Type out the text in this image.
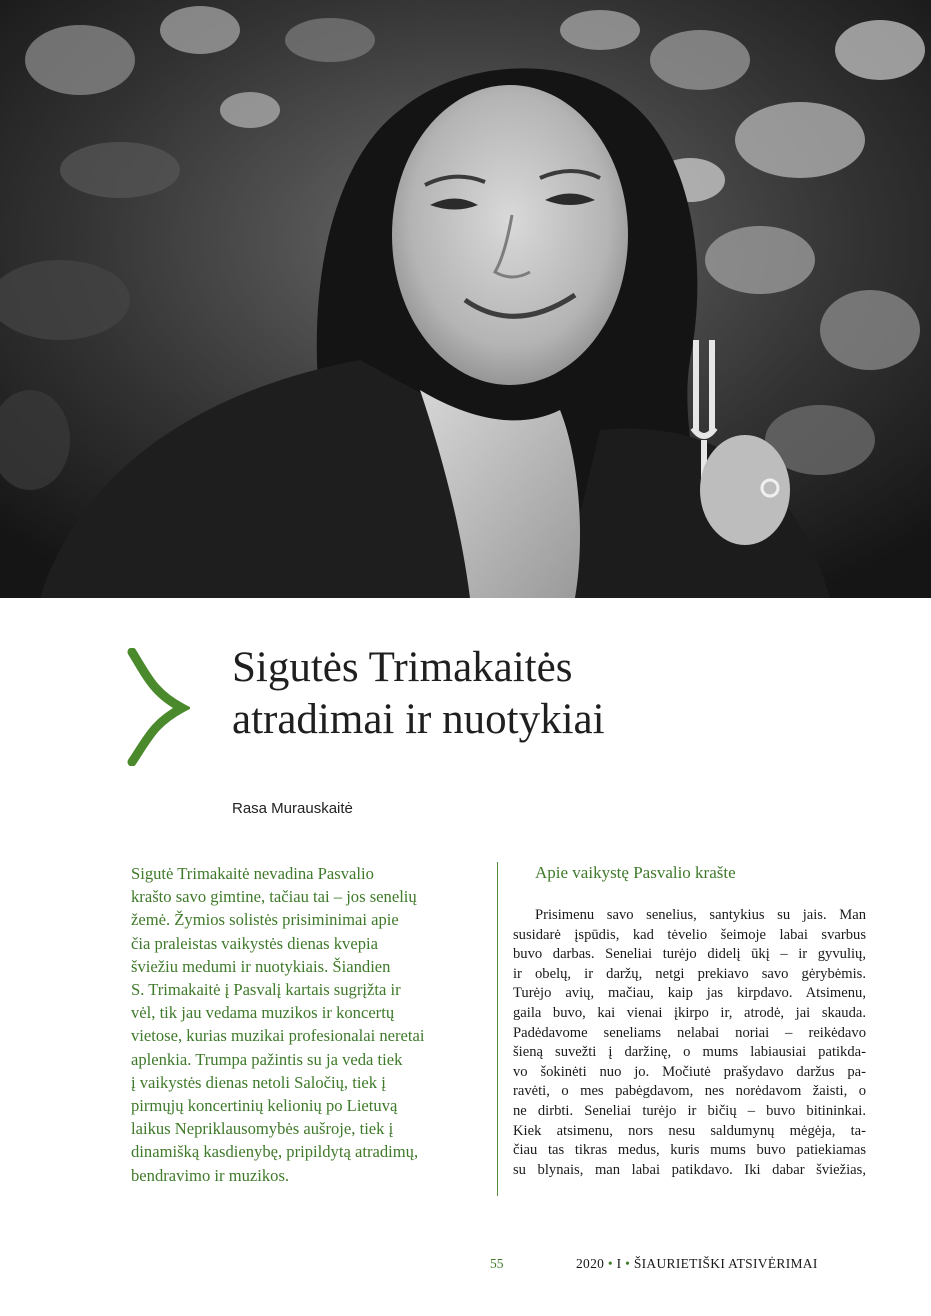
Sigutės Trimakaitės
atradimai ir nuotykiai
Rasa Murauskaitė

Sigutė Trimakaitė nevadina Pasvalio
krašto savo gimtine, tačiau tai – jos senelių
žemė. Žymios solistės prisiminimai apie
čia praleistas vaikystės dienas kvepia
šviežiu medumi ir nuotykiais. Šiandien
S. Trimakaitė į Pasvalį kartais sugrįžta ir
vėl, tik jau vedama muzikos ir koncertų
vietose, kurias muzikai profesionalai neretai
aplenkia. Trumpa pažintis su ja veda tiek
į vaikystės dienas netoli Saločių, tiek į
pirmųjų koncertinių kelionių po Lietuvą
laikus Nepriklausomybės aušroje, tiek į
dinamišką kasdienybę, pripildytą atradimų,
bendravimo ir muzikos.

Apie vaikystę Pasvalio krašte

Prisimenu savo senelius, santykius su jais. Man
susidarė įspūdis, kad tėvelio šeimoje labai svarbus
buvo darbas. Seneliai turėjo didelį ūkį – ir gyvulių,
ir obelų, ir daržų, netgi prekiavo savo gėrybėmis.
Turėjo avių, mačiau, kaip jas kirpdavo. Atsimenu,
gaila buvo, kai vienai įkirpo ir, atrodė, jai skauda.
Padėdavome seneliams nelabai noriai – reikėdavo
šieną suvežti į daržinę, o mums labiausiai patikda-
vo šokinėti nuo jo. Močiutė prašydavo daržus pa-
ravėti, o mes pabėgdavom, nes norėdavom žaisti, o
ne dirbti. Seneliai turėjo ir bičių – buvo bitininkai.
Kiek atsimenu, nors nesu saldumynų mėgėja, ta-
čiau tas tikras medus, kuris mums buvo patiekiamas
su blynais, man labai patikdavo. Iki dabar šviežias,

55	2020 • I • ŠIAURIETIŠKI ATSIVĖRIMAI
